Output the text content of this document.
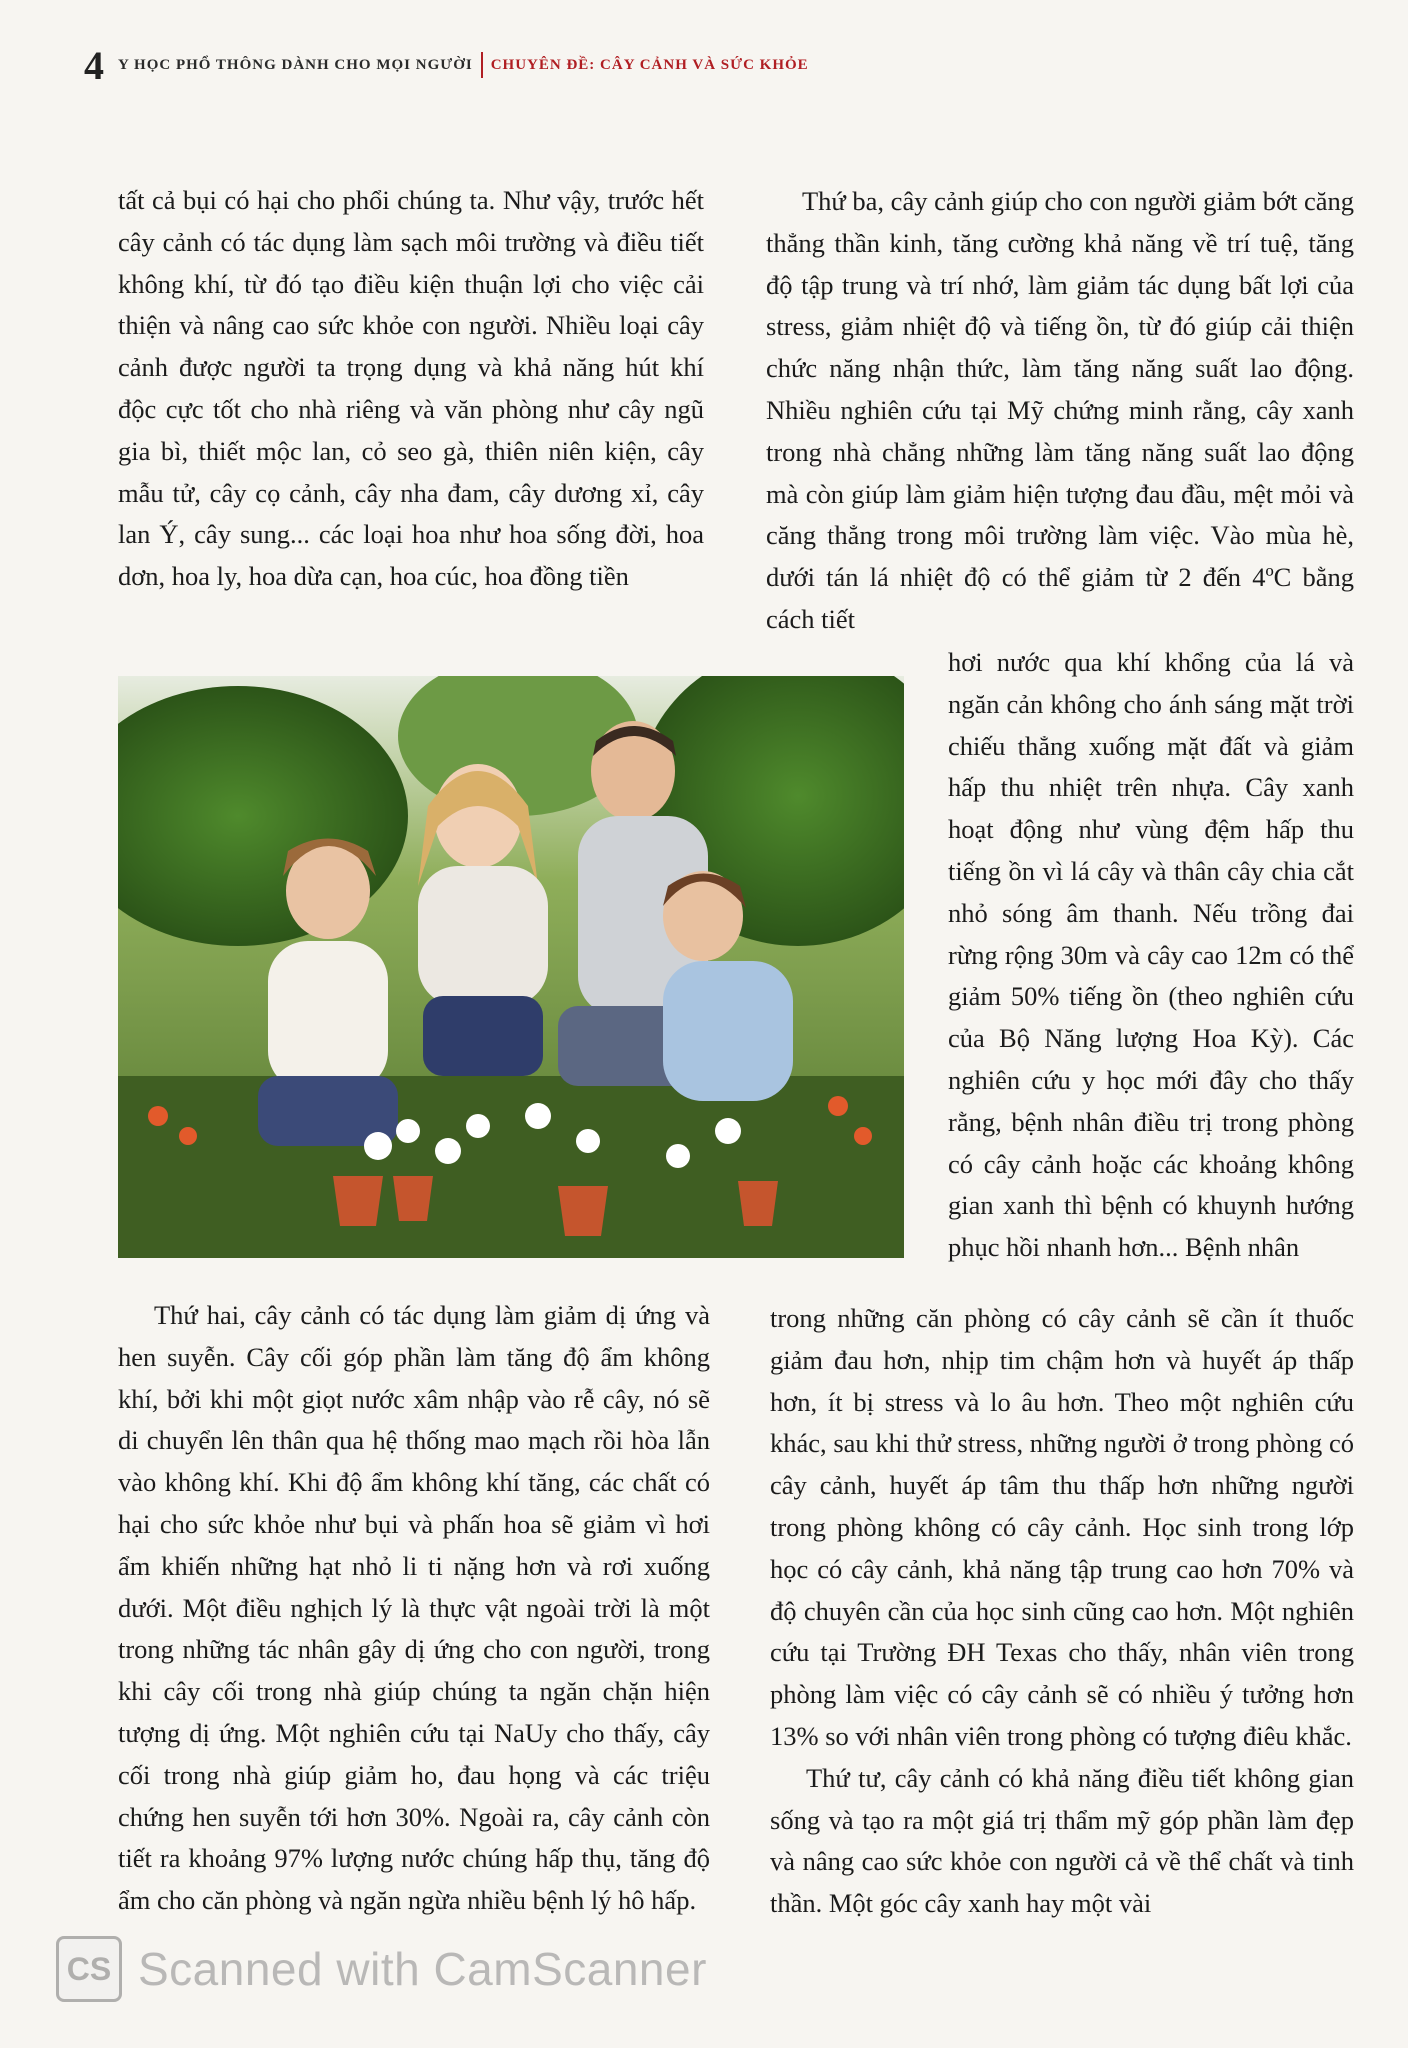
4 Y HỌC PHỔ THÔNG DÀNH CHO MỌI NGƯỜI CHUYÊN ĐỀ: CÂY CẢNH VÀ SỨC KHỎE

tất cả bụi có hại cho phổi chúng ta. Như vậy, trước hết cây cảnh có tác dụng làm sạch môi trường và điều tiết không khí, từ đó tạo điều kiện thuận lợi cho việc cải thiện và nâng cao sức khỏe con người. Nhiều loại cây cảnh được người ta trọng dụng và khả năng hút khí độc cực tốt cho nhà riêng và văn phòng như cây ngũ gia bì, thiết mộc lan, cỏ seo gà, thiên niên kiện, cây mẫu tử, cây cọ cảnh, cây nha đam, cây dương xỉ, cây lan Ý, cây sung... các loại hoa như hoa sống đời, hoa dơn, hoa ly, hoa dừa cạn, hoa cúc, hoa đồng tiền

Thứ ba, cây cảnh giúp cho con người giảm bớt căng thẳng thần kinh, tăng cường khả năng về trí tuệ, tăng độ tập trung và trí nhớ, làm giảm tác dụng bất lợi của stress, giảm nhiệt độ và tiếng ồn, từ đó giúp cải thiện chức năng nhận thức, làm tăng năng suất lao động. Nhiều nghiên cứu tại Mỹ chứng minh rằng, cây xanh trong nhà chẳng những làm tăng năng suất lao động mà còn giúp làm giảm hiện tượng đau đầu, mệt mỏi và căng thẳng trong môi trường làm việc. Vào mùa hè, dưới tán lá nhiệt độ có thể giảm từ 2 đến 4ºC bằng cách tiết

hơi nước qua khí khổng của lá và ngăn cản không cho ánh sáng mặt trời chiếu thẳng xuống mặt đất và giảm hấp thu nhiệt trên nhựa. Cây xanh hoạt động như vùng đệm hấp thu tiếng ồn vì lá cây và thân cây chia cắt nhỏ sóng âm thanh. Nếu trồng đai rừng rộng 30m và cây cao 12m có thể giảm 50% tiếng ồn (theo nghiên cứu của Bộ Năng lượng Hoa Kỳ). Các nghiên cứu y học mới đây cho thấy rằng, bệnh nhân điều trị trong phòng có cây cảnh hoặc các khoảng không gian xanh thì bệnh có khuynh hướng phục hồi nhanh hơn... Bệnh nhân

Thứ hai, cây cảnh có tác dụng làm giảm dị ứng và hen suyễn. Cây cối góp phần làm tăng độ ẩm không khí, bởi khi một giọt nước xâm nhập vào rễ cây, nó sẽ di chuyển lên thân qua hệ thống mao mạch rồi hòa lẫn vào không khí. Khi độ ẩm không khí tăng, các chất có hại cho sức khỏe như bụi và phấn hoa sẽ giảm vì hơi ẩm khiến những hạt nhỏ li ti nặng hơn và rơi xuống dưới. Một điều nghịch lý là thực vật ngoài trời là một trong những tác nhân gây dị ứng cho con người, trong khi cây cối trong nhà giúp chúng ta ngăn chặn hiện tượng dị ứng. Một nghiên cứu tại NaUy cho thấy, cây cối trong nhà giúp giảm ho, đau họng và các triệu chứng hen suyễn tới hơn 30%. Ngoài ra, cây cảnh còn tiết ra khoảng 97% lượng nước chúng hấp thụ, tăng độ ẩm cho căn phòng và ngăn ngừa nhiều bệnh lý hô hấp.

trong những căn phòng có cây cảnh sẽ cần ít thuốc giảm đau hơn, nhịp tim chậm hơn và huyết áp thấp hơn, ít bị stress và lo âu hơn. Theo một nghiên cứu khác, sau khi thử stress, những người ở trong phòng có cây cảnh, huyết áp tâm thu thấp hơn những người trong phòng không có cây cảnh. Học sinh trong lớp học có cây cảnh, khả năng tập trung cao hơn 70% và độ chuyên cần của học sinh cũng cao hơn. Một nghiên cứu tại Trường ĐH Texas cho thấy, nhân viên trong phòng làm việc có cây cảnh sẽ có nhiều ý tưởng hơn 13% so với nhân viên trong phòng có tượng điêu khắc.

Thứ tư, cây cảnh có khả năng điều tiết không gian sống và tạo ra một giá trị thẩm mỹ góp phần làm đẹp và nâng cao sức khỏe con người cả về thể chất và tinh thần. Một góc cây xanh hay một vài

CS Scanned with CamScanner
